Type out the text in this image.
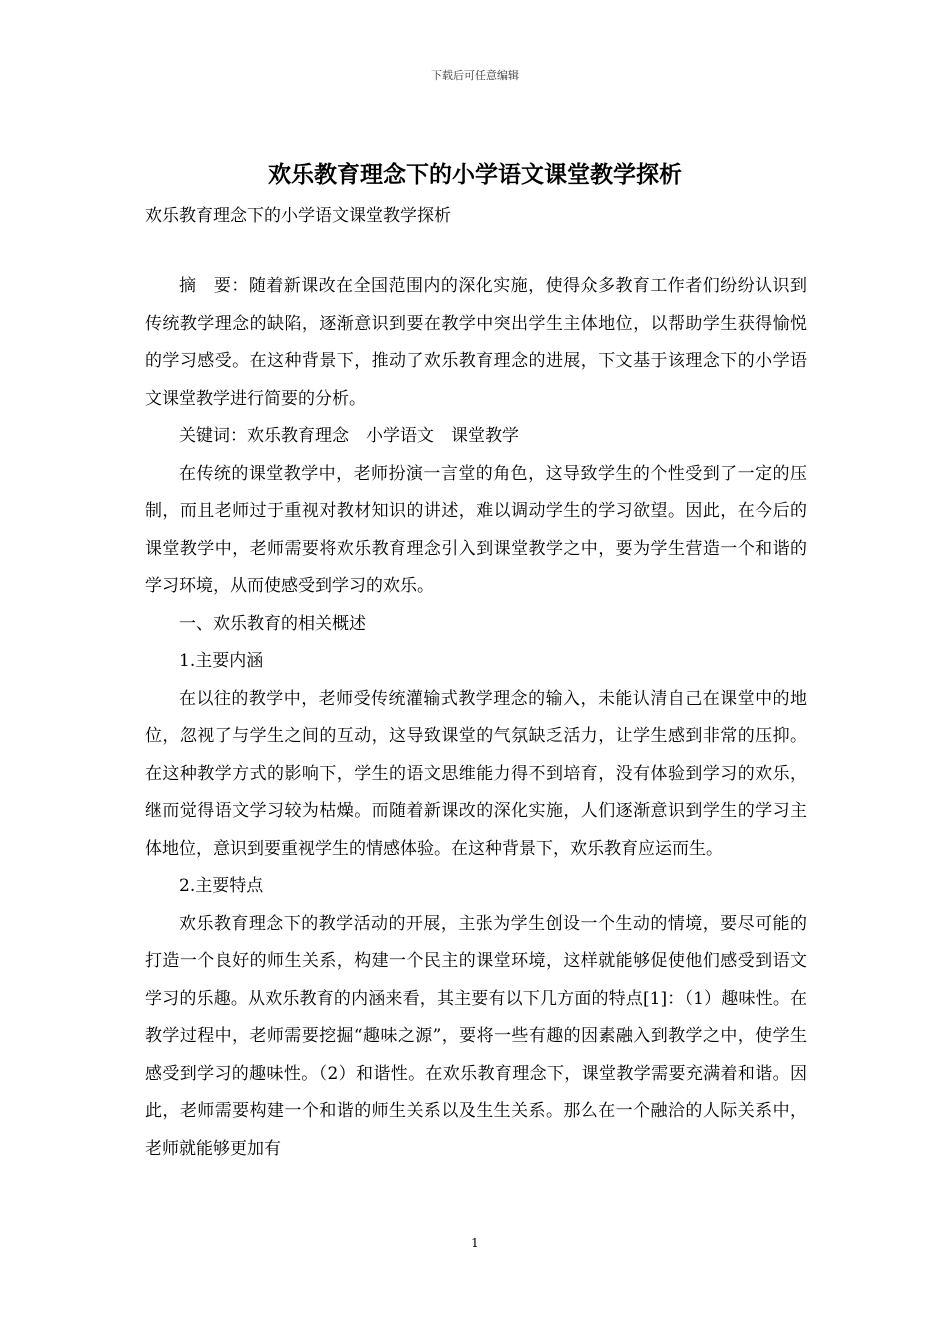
下载后可任意编辑
欢乐教育理念下的小学语文课堂教学探析
欢乐教育理念下的小学语文课堂教学探析

摘　要：随着新课改在全国范围内的深化实施，使得众多教育工作者们纷纷认识到传统教学理念的缺陷，逐渐意识到要在教学中突出学生主体地位，以帮助学生获得愉悦的学习感受。在这种背景下，推动了欢乐教育理念的进展，下文基于该理念下的小学语文课堂教学进行简要的分析。

关键词：欢乐教育理念　小学语文　课堂教学

在传统的课堂教学中，老师扮演一言堂的角色，这导致学生的个性受到了一定的压制，而且老师过于重视对教材知识的讲述，难以调动学生的学习欲望。因此，在今后的课堂教学中，老师需要将欢乐教育理念引入到课堂教学之中，要为学生营造一个和谐的学习环境，从而使感受到学习的欢乐。

一、欢乐教育的相关概述

1.主要内涵

在以往的教学中，老师受传统灌输式教学理念的输入，未能认清自己在课堂中的地位，忽视了与学生之间的互动，这导致课堂的气氛缺乏活力，让学生感到非常的压抑。在这种教学方式的影响下，学生的语文思维能力得不到培育，没有体验到学习的欢乐，继而觉得语文学习较为枯燥。而随着新课改的深化实施，人们逐渐意识到学生的学习主体地位，意识到要重视学生的情感体验。在这种背景下，欢乐教育应运而生。

2.主要特点

欢乐教育理念下的教学活动的开展，主张为学生创设一个生动的情境，要尽可能的打造一个良好的师生关系，构建一个民主的课堂环境，这样就能够促使他们感受到语文学习的乐趣。从欢乐教育的内涵来看，其主要有以下几方面的特点[1]：（1）趣味性。在教学过程中，老师需要挖掘“趣味之源”，要将一些有趣的因素融入到教学之中，使学生感受到学习的趣味性。（2）和谐性。在欢乐教育理念下，课堂教学需要充满着和谐。因此，老师需要构建一个和谐的师生关系以及生生关系。那么在一个融洽的人际关系中，老师就能够更加有

1
